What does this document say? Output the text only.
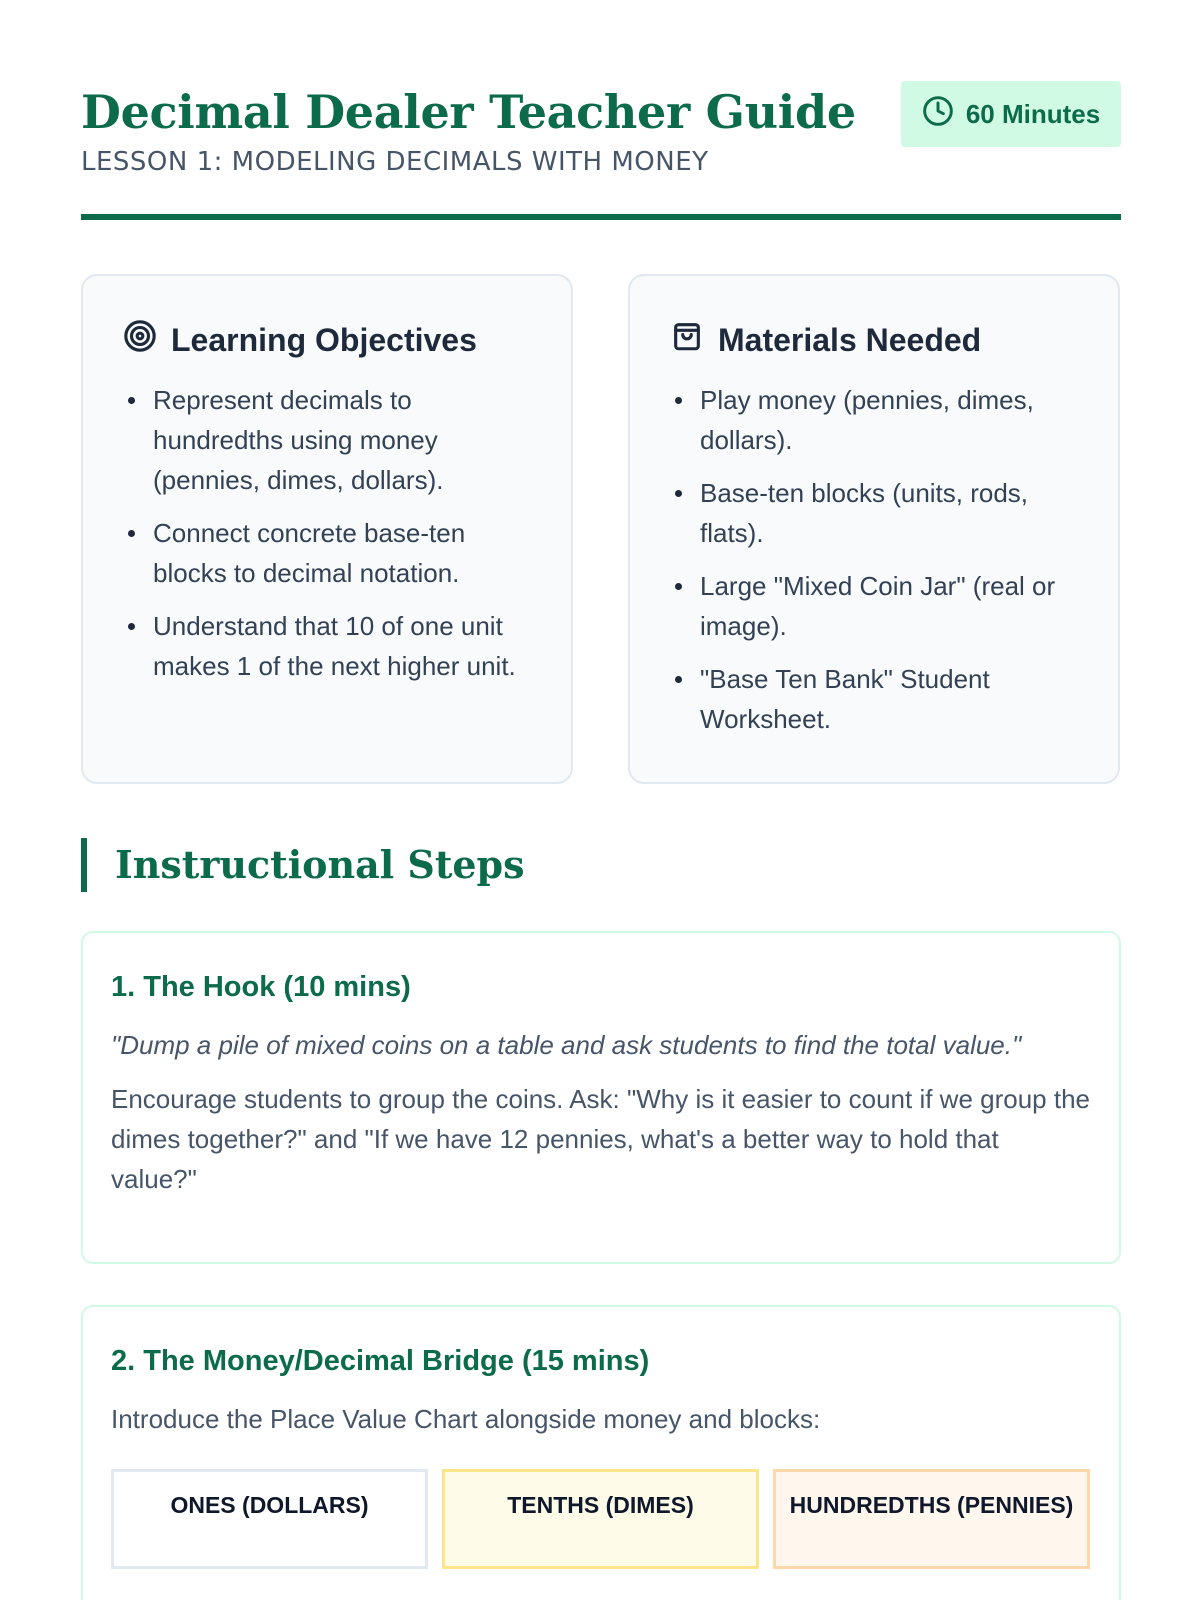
Decimal Dealer Teacher Guide
LESSON 1: MODELING DECIMALS WITH MONEY
60 Minutes
Learning Objectives
Represent decimals to hundredths using money (pennies, dimes, dollars).
Connect concrete base-ten blocks to decimal notation.
Understand that 10 of one unit makes 1 of the next higher unit.
Materials Needed
Play money (pennies, dimes, dollars).
Base-ten blocks (units, rods, flats).
Large "Mixed Coin Jar" (real or image).
"Base Ten Bank" Student Worksheet.
Instructional Steps
1. The Hook (10 mins)

"Dump a pile of mixed coins on a table and ask students to find the total value."

Encourage students to group the coins. Ask: "Why is it easier to count if we group the dimes together?" and "If we have 12 pennies, what's a better way to hold that value?"

2. The Money/Decimal Bridge (15 mins)

Introduce the Place Value Chart alongside money and blocks:

ONES (DOLLARS)	TENTHS (DIMES)	HUNDREDTHS (PENNIES)
